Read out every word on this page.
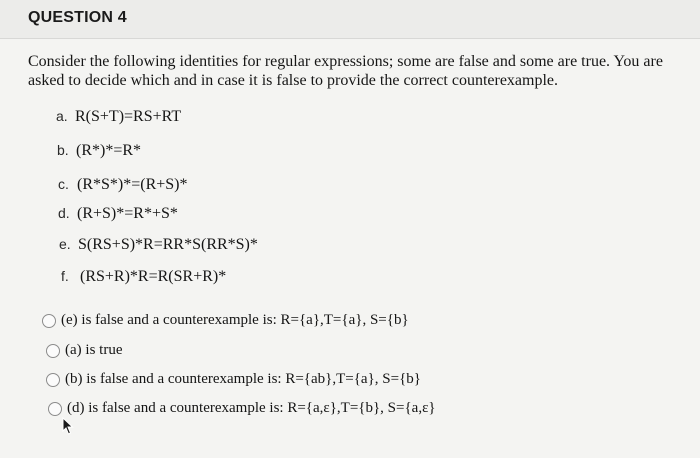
QUESTION 4

Consider the following identities for regular expressions; some are false and some are true. You are asked to decide which and in case it is false to provide the correct counterexample.

a. R(S+T)=RS+RT
b. (R*)*=R*
c. (R*S*)*=(R+S)*
d. (R+S)*=R*+S*
e. S(RS+S)*R=RR*S(RR*S)*
f. (RS+R)*R=R(SR+R)*
(e) is false and a counterexample is: R={a},T={a}, S={b}
(a) is true
(b) is false and a counterexample is: R={ab},T={a}, S={b}
(d) is false and a counterexample is: R={a,ε},T={b}, S={a,ε}
